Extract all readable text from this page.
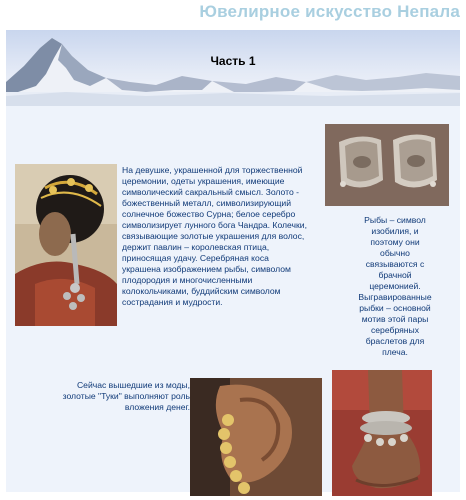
Ювелирное искусство Непала
Часть 1
На девушке, украшенной для торжественной церемонии, одеты украшения, имеющие символический сакральный смысл. Золото - божественный металл, символизирующий солнечное божество Сурна; белое серебро символизирует лунного бога Чандра. Колечки, связывающие золотые украшения для волос, держит павлин – королевская птица, приносящая удачу. Серебряная коса украшена изображением рыбы, символом плодородия и многочисленными колокольчиками, буддийским символом сострадания и мудрости.
Рыбы – символ изобилия, и поэтому они обычно связываются с брачной церемонией. Выгравированные рыбки – основной мотив этой пары серебряных браслетов для плеча.
Сейчас вышедшие из моды, золотые "Туки" выполняют роль вложения денег.
